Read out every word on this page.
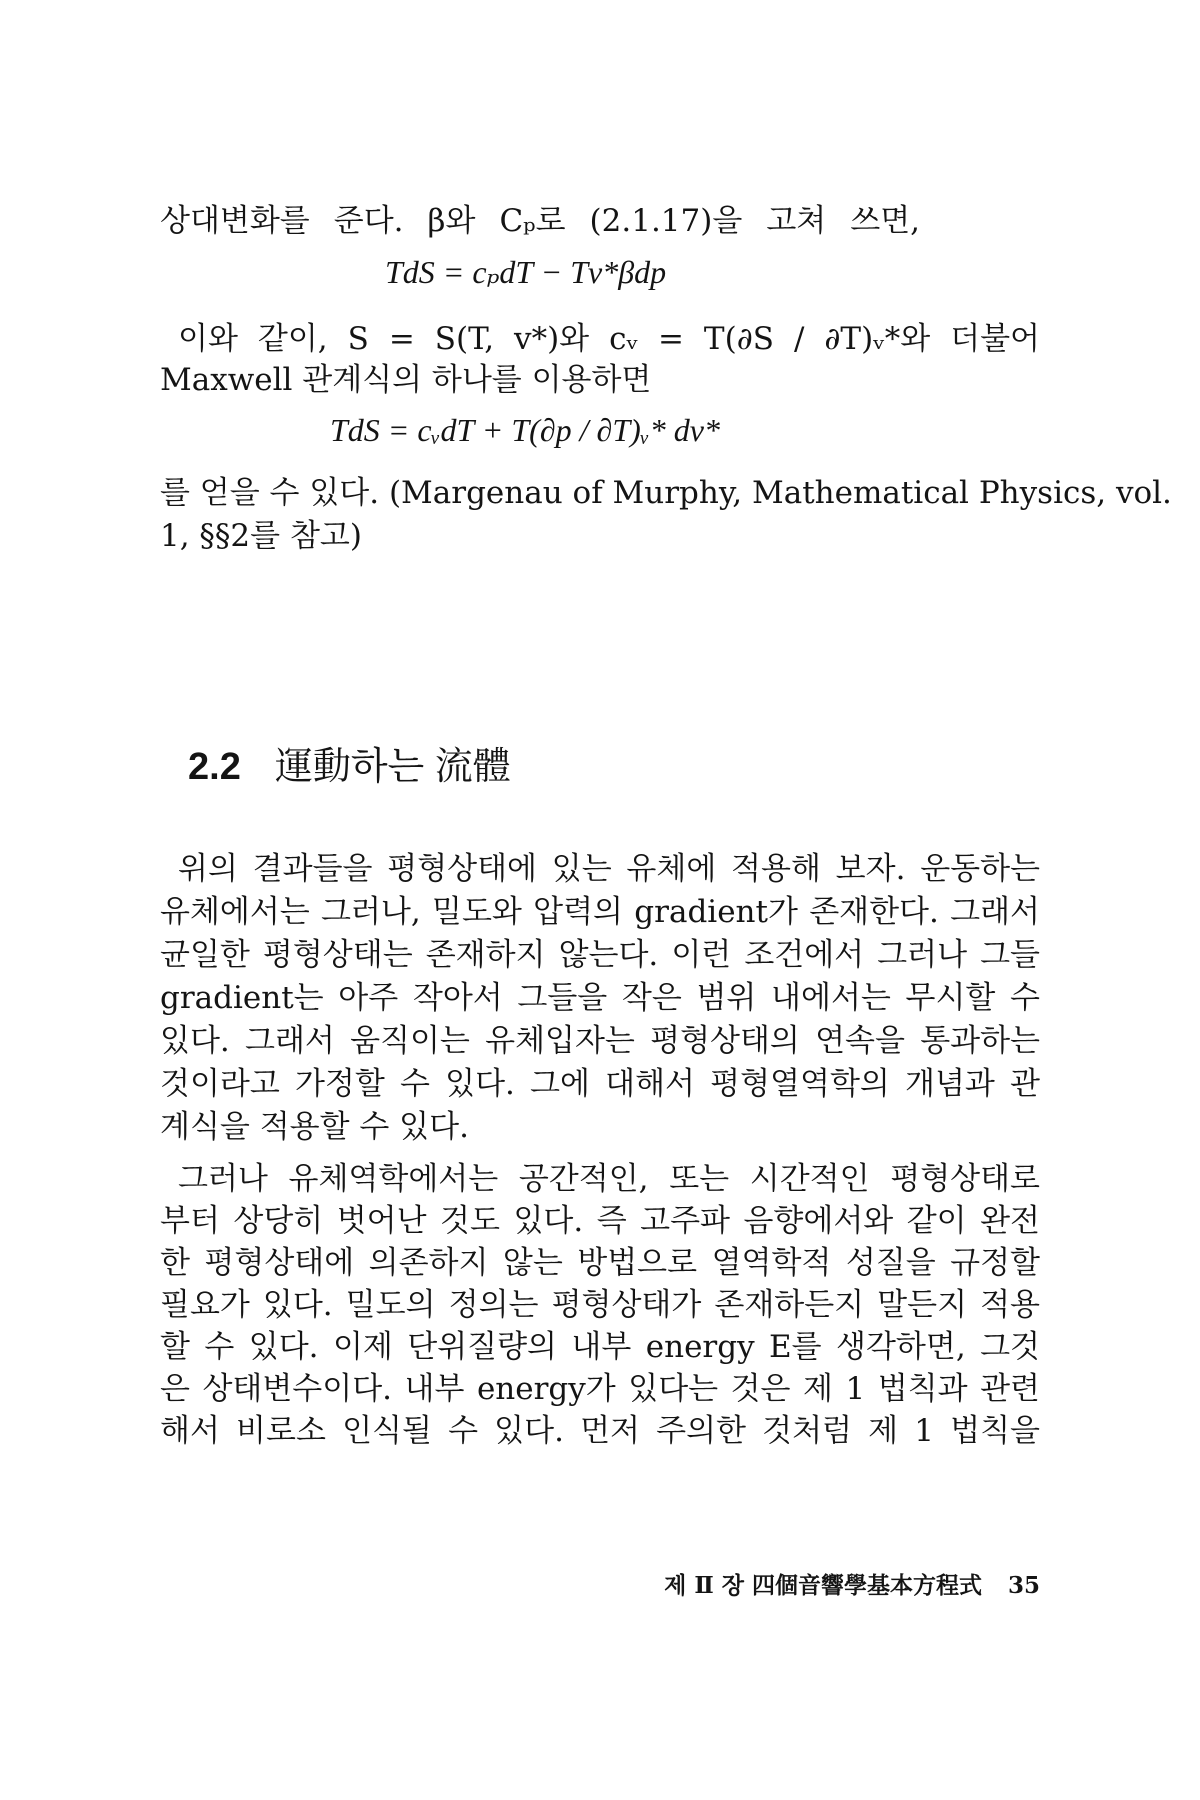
상대변화를 준다. β와 Cₚ로 (2.1.17)을 고쳐 쓰면,
TdS = cₚdT − Tv*βdp
이와 같이, S = S(T, v*)와 cᵥ = T(∂S / ∂T)ᵥ*와 더불어
Maxwell 관계식의 하나를 이용하면
TdS = cᵥdT + T(∂p / ∂T)ᵥ* dv*
를 얻을 수 있다. (Margenau of Murphy, Mathematical Physics, vol.
1, §§2를 참고)
2.2 運動하는 流體
위의 결과들을 평형상태에 있는 유체에 적용해 보자. 운동하는
유체에서는 그러나, 밀도와 압력의 gradient가 존재한다. 그래서
균일한 평형상태는 존재하지 않는다. 이런 조건에서 그러나 그들
gradient는 아주 작아서 그들을 작은 범위 내에서는 무시할 수
있다. 그래서 움직이는 유체입자는 평형상태의 연속을 통과하는
것이라고 가정할 수 있다. 그에 대해서 평형열역학의 개념과 관
계식을 적용할 수 있다.
그러나 유체역학에서는 공간적인, 또는 시간적인 평형상태로
부터 상당히 벗어난 것도 있다. 즉 고주파 음향에서와 같이 완전
한 평형상태에 의존하지 않는 방법으로 열역학적 성질을 규정할
필요가 있다. 밀도의 정의는 평형상태가 존재하든지 말든지 적용
할 수 있다. 이제 단위질량의 내부 energy E를 생각하면, 그것
은 상태변수이다. 내부 energy가 있다는 것은 제 1 법칙과 관련
해서 비로소 인식될 수 있다. 먼저 주의한 것처럼 제 1 법칙을
제 Ⅱ 장 四個音響學基本方程式 35
